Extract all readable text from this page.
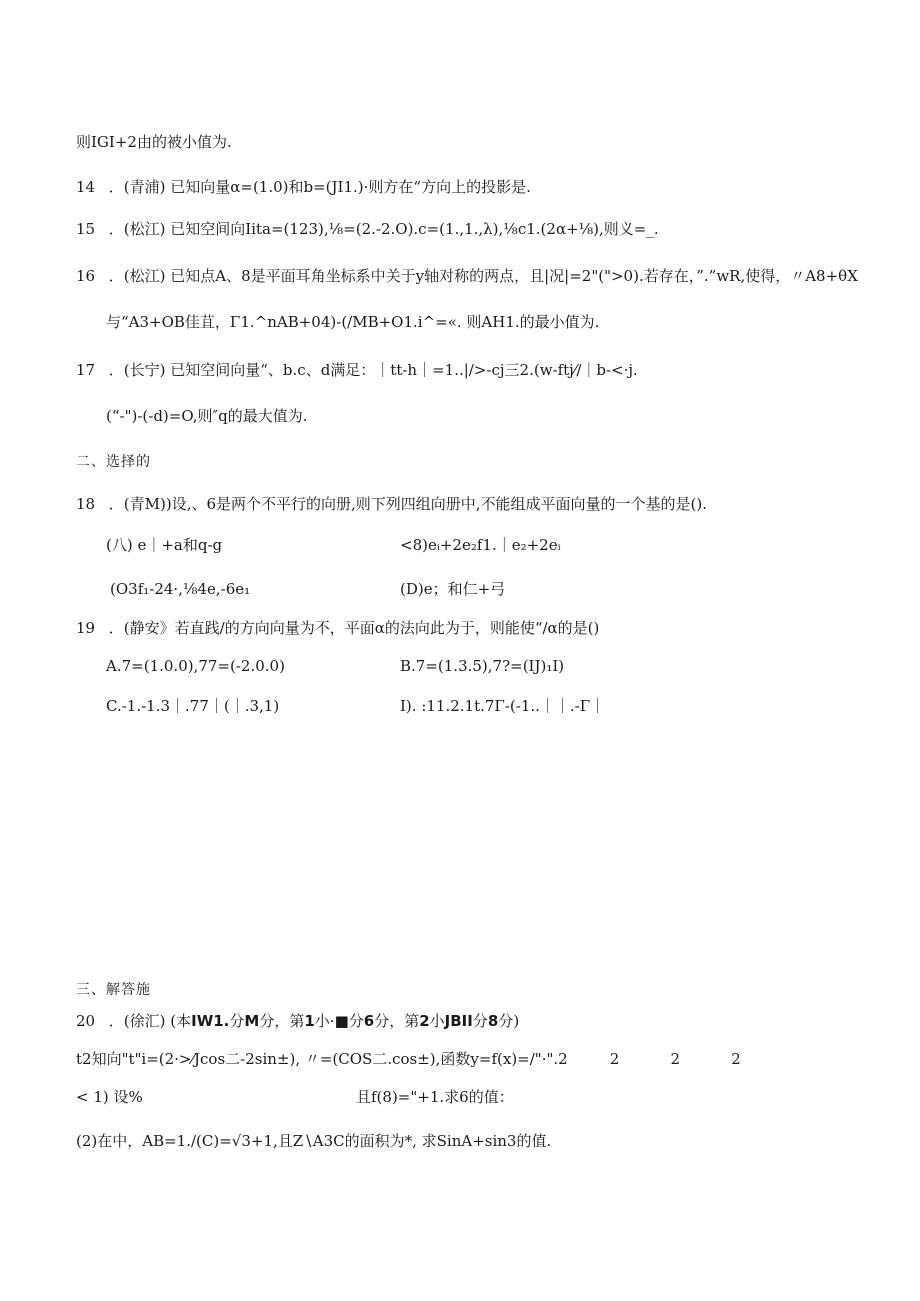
则IGI+2由的被小值为.
14 ．(青浦) 已知向量α=(1.0)和b=(JI1.)·则方在“方向上的投影是.
15 ．(松江) 已知空间向Iita=(123),⅛=(2.-2.O).c=(1.,1.,λ),⅛c1.(2α+⅛),则义=_.
16 ．(松江) 已知点A、8是平面耳角坐标系中关于y轴对称的两点，且|况|=2"(">0).若存在，”.”wR,使得，〃A8+θX
与“A3+OB佳苴，Γ1.^nAB+04)-(/MB+O1.i^=«. 则AH1.的最小值为.
17 ．(长宁) 已知空间向量“、b.c、d满足：｜tt-h｜=1..|/>-cj三2.(w-ftj⁄∕｜b-<·j.
(“-")-(-d)=O,则″q的最大值为.
二、选择的
18 ．(青M))设,、6是两个不平行的向册,则下列四组向册中,不能组成平面向量的一个基的是().
(八) e｜+a和q-g	<8)eᵢ+2e₂f1.｜e₂+2eᵢ
(O3f₁-24·,⅛4e,-6e₁	(D)e；和仁+弓
19 ．(静安》若直践/的方向向量为不，平面α的法向此为于，则能使“/α的是()
A.7=(1.0.0),77=(-2.0.0)	B.7=(1.3.5),7?=(IJ)₁I)
C.-1.-1.3｜.77｜(｜.3,1)	I). :11.2.1t.7Γ-(-1..｜｜.-Γ｜
三、解答施
20 ．(徐汇) (本IW1.分M分，第1小·■分6分，第2小JBII分8分)
t2知向"t"i=(2·>⁄Jcos二-2sin±), 〃=(COS二.cos±),函数y=f(x)=/"·".2	2	2	2
< 1) 设%	且f(8)="+1.求6的值：
(2)在中，AB=1./(C)=√3+1,且Z∖A3C的面积为*, 求SinA+sin3的值.
